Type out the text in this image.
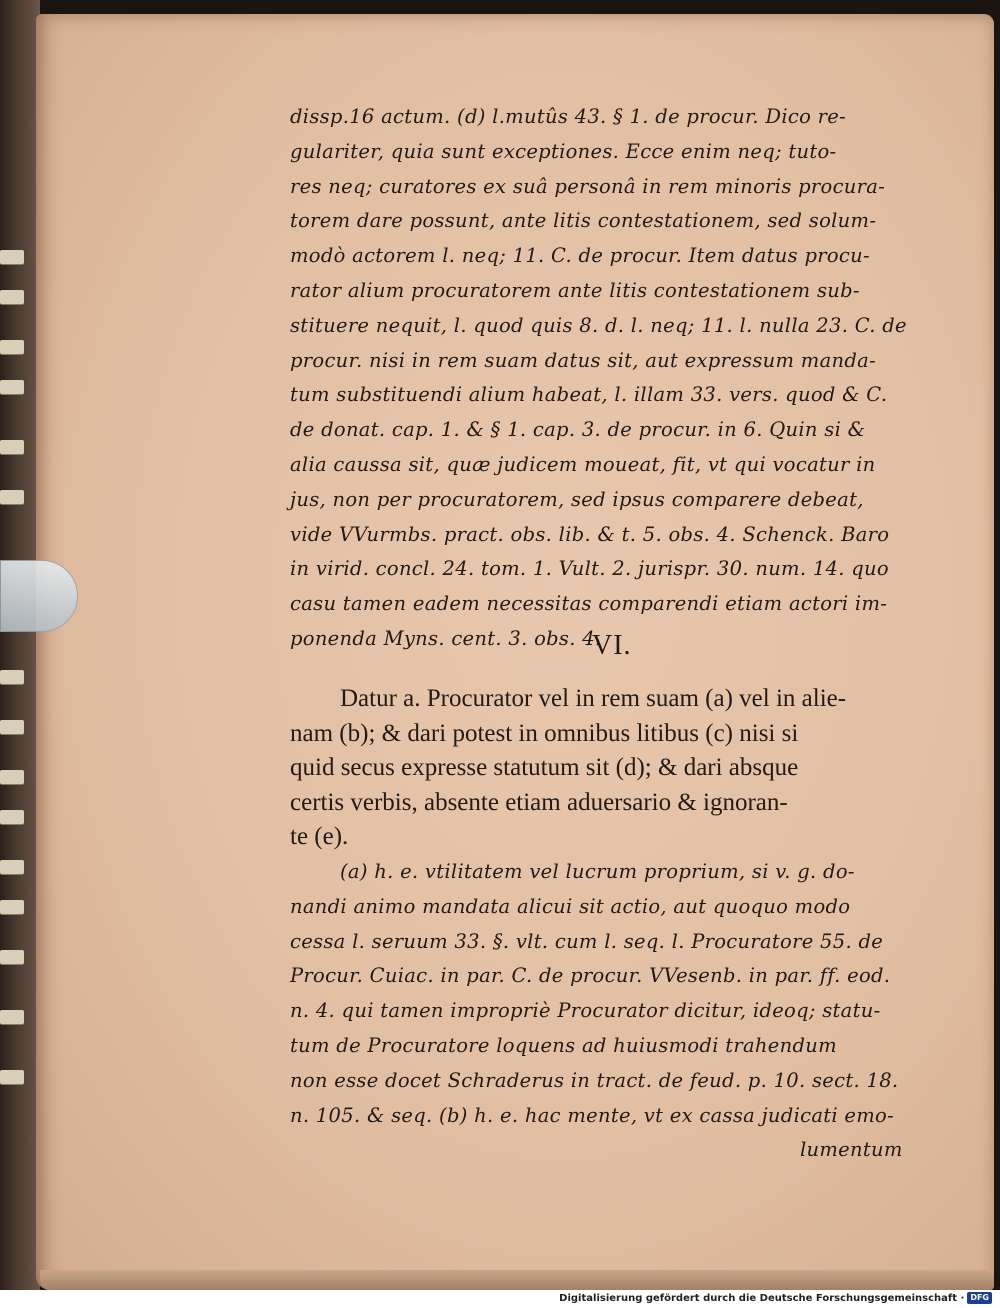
dissp.16 actum. (d) l.mutûs 43. § 1. de procur. Dico re-

gulariter, quia sunt exceptiones. Ecce enim neq; tuto-

res neq; curatores ex suâ personâ in rem minoris procura-

torem dare possunt, ante litis contestationem, sed solum-

modò actorem l. neq; 11. C. de procur. Item datus procu-

rator alium procuratorem ante litis contestationem sub-

stituere nequit, l. quod quis 8. d. l. neq; 11. l. nulla 23. C. de

procur. nisi in rem suam datus sit, aut expressum manda-

tum substituendi alium habeat, l. illam 33. vers. quod & C.

de donat. cap. 1. & § 1. cap. 3. de procur. in 6. Quin si &

alia caussa sit, quæ judicem moueat, fit, vt qui vocatur in

jus, non per procuratorem, sed ipsus comparere debeat,

vide VVurmbs. pract. obs. lib. & t. 5. obs. 4. Schenck. Baro

in virid. concl. 24. tom. 1. Vult. 2. jurispr. 30. num. 14. quo

casu tamen eadem necessitas comparendi etiam actori im-

ponenda Myns. cent. 3. obs. 4.

VI.

Datur a. Procurator vel in rem suam (a) vel in alie-

nam (b); & dari potest in omnibus litibus (c) nisi si

quid secus expresse statutum sit (d); & dari absque

certis verbis, absente etiam aduersario & ignoran-

te (e).

(a) h. e. vtilitatem vel lucrum proprium, si v. g. do-

nandi animo mandata alicui sit actio, aut quoquo modo

cessa l. seruum 33. §. vlt. cum l. seq. l. Procuratore 55. de

Procur. Cuiac. in par. C. de procur. VVesenb. in par. ff. eod.

n. 4. qui tamen impropriè Procurator dicitur, ideoq; statu-

tum de Procuratore loquens ad huiusmodi trahendum

non esse docet Schraderus in tract. de feud. p. 10. sect. 18.

n. 105. & seq. (b) h. e. hac mente, vt ex cassa judicati emo-

lumentum

Digitalisierung gefördert durch die Deutsche Forschungsgemeinschaft · DFG
